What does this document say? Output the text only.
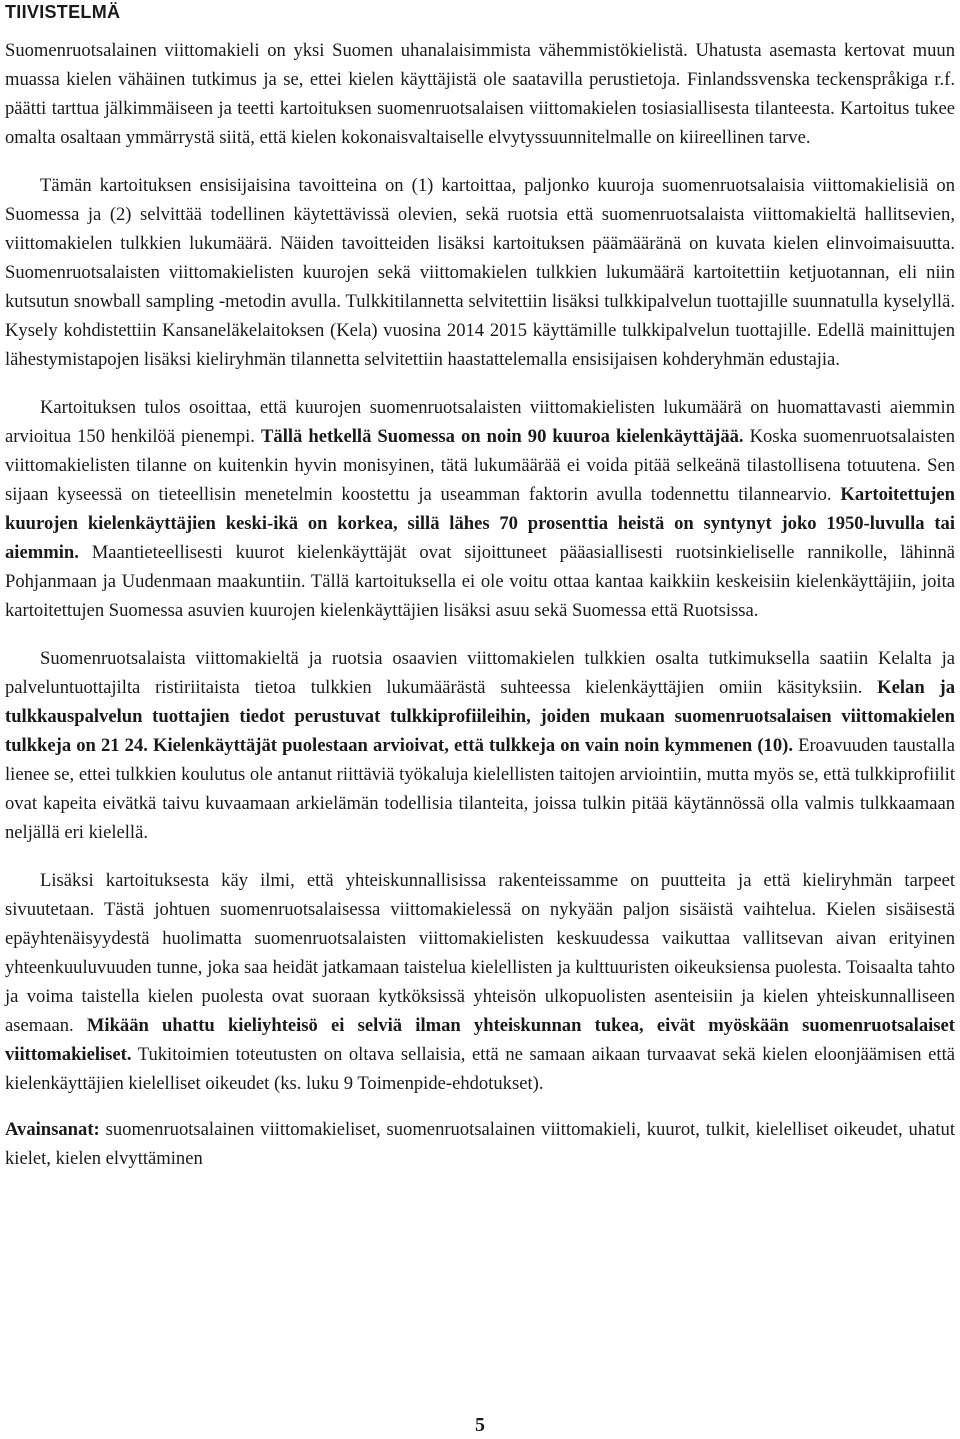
TIIVISTELMÄ

Suomenruotsalainen viittomakieli on yksi Suomen uhanalaisimmista vähemmistökielistä. Uhatusta asemasta kertovat muun muassa kielen vähäinen tutkimus ja se, ettei kielen käyttäjistä ole saatavilla perustietoja. Finlandssvenska teckenspråkiga r.f. päätti tarttua jälkimmäiseen ja teetti kartoituksen suomenruotsalaisen viittomakielen tosiasiallisesta tilanteesta. Kartoitus tukee omalta osaltaan ymmärrystä siitä, että kielen kokonaisvaltaiselle elvytyssuunnitelmalle on kiireellinen tarve.

Tämän kartoituksen ensisijaisina tavoitteina on (1) kartoittaa, paljonko kuuroja suomenruotsalaisia viittomakielisiä on Suomessa ja (2) selvittää todellinen käytettävissä olevien, sekä ruotsia että suomenruotsalaista viittomakieltä hallitsevien, viittomakielen tulkkien lukumäärä. Näiden tavoitteiden lisäksi kartoituksen päämääränä on kuvata kielen elinvoimaisuutta. Suomenruotsalaisten viittomakielisten kuurojen sekä viittomakielen tulkkien lukumäärä kartoitettiin ketjuotannan, eli niin kutsutun snowball sampling -metodin avulla. Tulkkitilannetta selvitettiin lisäksi tulkkipalvelun tuottajille suunnatulla kyselyllä. Kysely kohdistettiin Kansaneläkelaitoksen (Kela) vuosina 2014 2015 käyttämille tulkkipalvelun tuottajille. Edellä mainittujen lähestymistapojen lisäksi kieliryhmän tilannetta selvitettiin haastattelemalla ensisijaisen kohderyhmän edustajia.

Kartoituksen tulos osoittaa, että kuurojen suomenruotsalaisten viittomakielisten lukumäärä on huomattavasti aiemmin arvioitua 150 henkilöä pienempi. Tällä hetkellä Suomessa on noin 90 kuuroa kielenkäyttäjää. Koska suomenruotsalaisten viittomakielisten tilanne on kuitenkin hyvin monisyinen, tätä lukumäärää ei voida pitää selkeänä tilastollisena totuutena. Sen sijaan kyseessä on tieteellisin menetelmin koostettu ja useamman faktorin avulla todennettu tilannearvio. Kartoitettujen kuurojen kielenkäyttäjien keski-ikä on korkea, sillä lähes 70 prosenttia heistä on syntynyt joko 1950-luvulla tai aiemmin. Maantieteellisesti kuurot kielenkäyttäjät ovat sijoittuneet pääasiallisesti ruotsinkieliselle rannikolle, lähinnä Pohjanmaan ja Uudenmaan maakuntiin. Tällä kartoituksella ei ole voitu ottaa kantaa kaikkiin keskeisiin kielenkäyttäjiin, joita kartoitettujen Suomessa asuvien kuurojen kielenkäyttäjien lisäksi asuu sekä Suomessa että Ruotsissa.

Suomenruotsalaista viittomakieltä ja ruotsia osaavien viittomakielen tulkkien osalta tutkimuksella saatiin Kelalta ja palveluntuottajilta ristiriitaista tietoa tulkkien lukumäärästä suhteessa kielenkäyttäjien omiin käsityksiin. Kelan ja tulkkauspalvelun tuottajien tiedot perustuvat tulkkiprofiileihin, joiden mukaan suomenruotsalaisen viittomakielen tulkkeja on 21 24. Kielenkäyttäjät puolestaan arvioivat, että tulkkeja on vain noin kymmenen (10). Eroavuuden taustalla lienee se, ettei tulkkien koulutus ole antanut riittäviä työkaluja kielellisten taitojen arviointiin, mutta myös se, että tulkkiprofiilit ovat kapeita eivätkä taivu kuvaamaan arkielämän todellisia tilanteita, joissa tulkin pitää käytännössä olla valmis tulkkaamaan neljällä eri kielellä.

Lisäksi kartoituksesta käy ilmi, että yhteiskunnallisissa rakenteissamme on puutteita ja että kieliryhmän tarpeet sivuutetaan. Tästä johtuen suomenruotsalaisessa viittomakielessä on nykyään paljon sisäistä vaihtelua. Kielen sisäisestä epäyhtenäisyydestä huolimatta suomenruotsalaisten viittomakielisten keskuudessa vaikuttaa vallitsevan aivan erityinen yhteenkuuluvuuden tunne, joka saa heidät jatkamaan taistelua kielellisten ja kulttuuristen oikeuksiensa puolesta. Toisaalta tahto ja voima taistella kielen puolesta ovat suoraan kytköksissä yhteisön ulkopuolisten asenteisiin ja kielen yhteiskunnalliseen asemaan. Mikään uhattu kieliyhteisö ei selviä ilman yhteiskunnan tukea, eivät myöskään suomenruotsalaiset viittomakieliset. Tukitoimien toteutusten on oltava sellaisia, että ne samaan aikaan turvaavat sekä kielen eloonjäämisen että kielenkäyttäjien kielelliset oikeudet (ks. luku 9 Toimenpide-ehdotukset).

Avainsanat: suomenruotsalainen viittomakieliset, suomenruotsalainen viittomakieli, kuurot, tulkit, kielelliset oikeudet, uhatut kielet, kielen elvyttäminen

5
